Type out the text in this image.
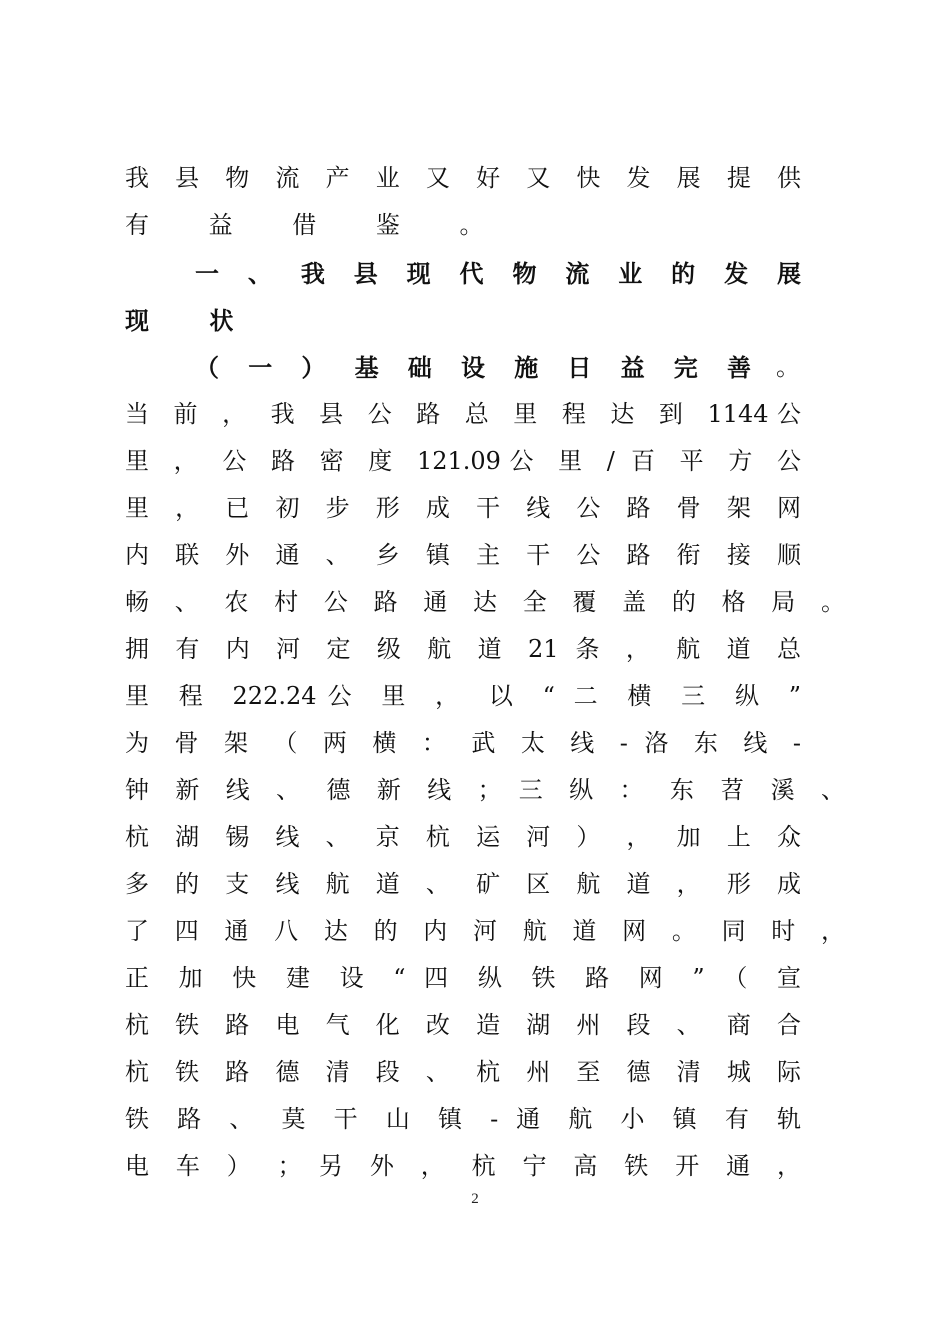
我 县 物 流 产 业 又 好 又 快 发 展 提 供
有 益 借 鉴 。
一 、 我 县 现 代 物 流 业 的 发 展
现 状
（ 一 ） 基 础 设 施 日 益 完 善 。
当 前 ， 我 县 公 路 总 里 程 达 到 1144公
里 ， 公 路 密 度 121.09公 里 / 百 平 方 公
里 ， 已 初 步 形 成 干 线 公 路 骨 架 网
内 联 外 通 、 乡 镇 主 干 公 路 衔 接 顺
畅 、 农 村 公 路 通 达 全 覆 盖 的 格 局 。
拥 有 内 河 定 级 航 道 21 条 ， 航 道 总
里 程 222.24公 里 ， 以 “ 二 横 三 纵 ”
为 骨 架 （ 两 横 ： 武 太 线 - 洛 东 线 -
钟 新 线 、 德 新 线 ； 三 纵 ： 东 苕 溪 、
杭 湖 锡 线 、 京 杭 运 河 ） ， 加 上 众
多 的 支 线 航 道 、 矿 区 航 道 ， 形 成
了 四 通 八 达 的 内 河 航 道 网 。 同 时 ，
正 加 快 建 设 “ 四 纵 铁 路 网 ” （ 宣
杭 铁 路 电 气 化 改 造 湖 州 段 、 商 合
杭 铁 路 德 清 段 、 杭 州 至 德 清 城 际
铁 路 、 莫 干 山 镇 - 通 航 小 镇 有 轨
电 车 ） ； 另 外 ， 杭 宁 高 铁 开 通 ，
2
